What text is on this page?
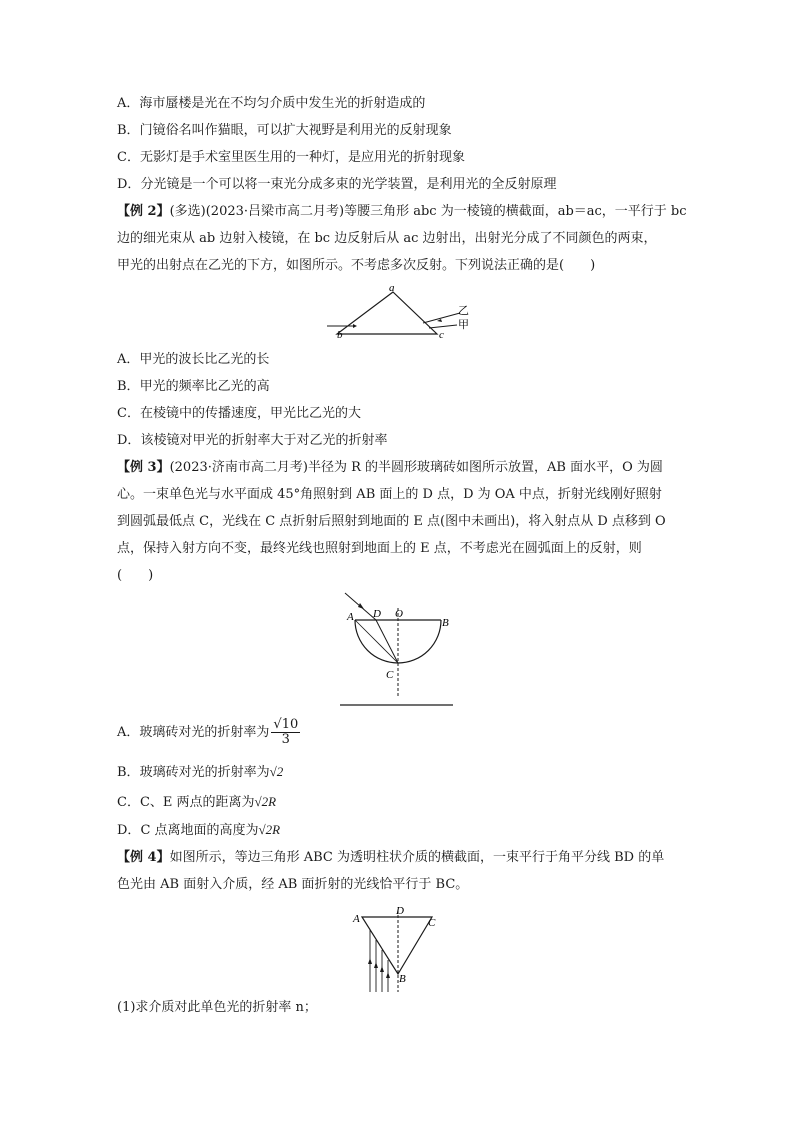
A．海市蜃楼是光在不均匀介质中发生光的折射造成的
B．门镜俗名叫作猫眼，可以扩大视野是利用光的反射现象
C．无影灯是手术室里医生用的一种灯，是应用光的折射现象
D．分光镜是一个可以将一束光分成多束的光学装置，是利用光的全反射原理
【例 2】(多选)(2023·吕梁市高二月考)等腰三角形 abc 为一棱镜的横截面，ab＝ac，一平行于 bc
边的细光束从 ab 边射入棱镜，在 bc 边反射后从 ac 边射出，出射光分成了不同颜色的两束，
甲光的出射点在乙光的下方，如图所示。不考虑多次反射。下列说法正确的是(　　)
a
b	c
乙
甲
A．甲光的波长比乙光的长
B．甲光的频率比乙光的高
C．在棱镜中的传播速度，甲光比乙光的大
D．该棱镜对甲光的折射率大于对乙光的折射率
【例 3】(2023·济南市高二月考)半径为 R 的半圆形玻璃砖如图所示放置，AB 面水平，O 为圆
心。一束单色光与水平面成 45°角照射到 AB 面上的 D 点，D 为 OA 中点，折射光线刚好照射
到圆弧最低点 C，光线在 C 点折射后照射到地面的 E 点(图中未画出)，将入射点从 D 点移到 O
点，保持入射方向不变，最终光线也照射到地面上的 E 点，不考虑光在圆弧面上的反射，则
(　　)
A D O
B
C
A．玻璃砖对光的折射率为 $\frac{√10}{3}$
B．玻璃砖对光的折射率为√2
C．C、E 两点的距离为√2R
D．C 点离地面的高度为√2R
【例 4】如图所示，等边三角形 ABC 为透明柱状介质的横截面，一束平行于角平分线 BD 的单
色光由 AB 面射入介质，经 AB 面折射的光线恰平行于 BC。
A
D
C
B
(1)求介质对此单色光的折射率 n；
